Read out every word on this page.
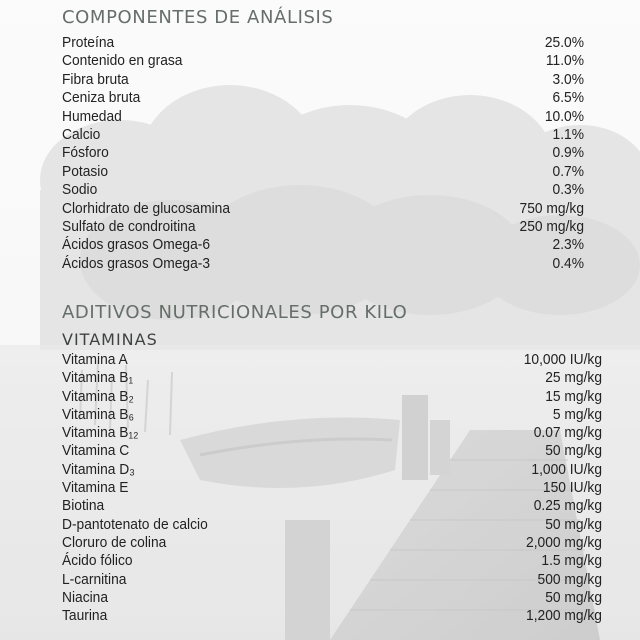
COMPONENTES DE ANÁLISIS
Proteína	25.0%
Contenido en grasa	11.0%
Fibra bruta	3.0%
Ceniza bruta	6.5%
Humedad	10.0%
Calcio	1.1%
Fósforo	0.9%
Potasio	0.7%
Sodio	0.3%
Clorhidrato de glucosamina	750 mg/kg
Sulfato de condroitina	250 mg/kg
Ácidos grasos Omega-6	2.3%
Ácidos grasos Omega-3	0.4%
ADITIVOS NUTRICIONALES POR KILO
VITAMINAS
Vitamina A	10,000 IU/kg
Vitamina B₁	25 mg/kg
Vitamina B₂	15 mg/kg
Vitamina B₆	5 mg/kg
Vitamina B₁₂	0.07 mg/kg
Vitamina C	50 mg/kg
Vitamina D₃	1,000 IU/kg
Vitamina E	150 IU/kg
Biotina	0.25 mg/kg
D-pantotenato de calcio	50 mg/kg
Cloruro de colina	2,000 mg/kg
Ácido fólico	1.5 mg/kg
L-carnitina	500 mg/kg
Niacina	50 mg/kg
Taurina	1,200 mg/kg
